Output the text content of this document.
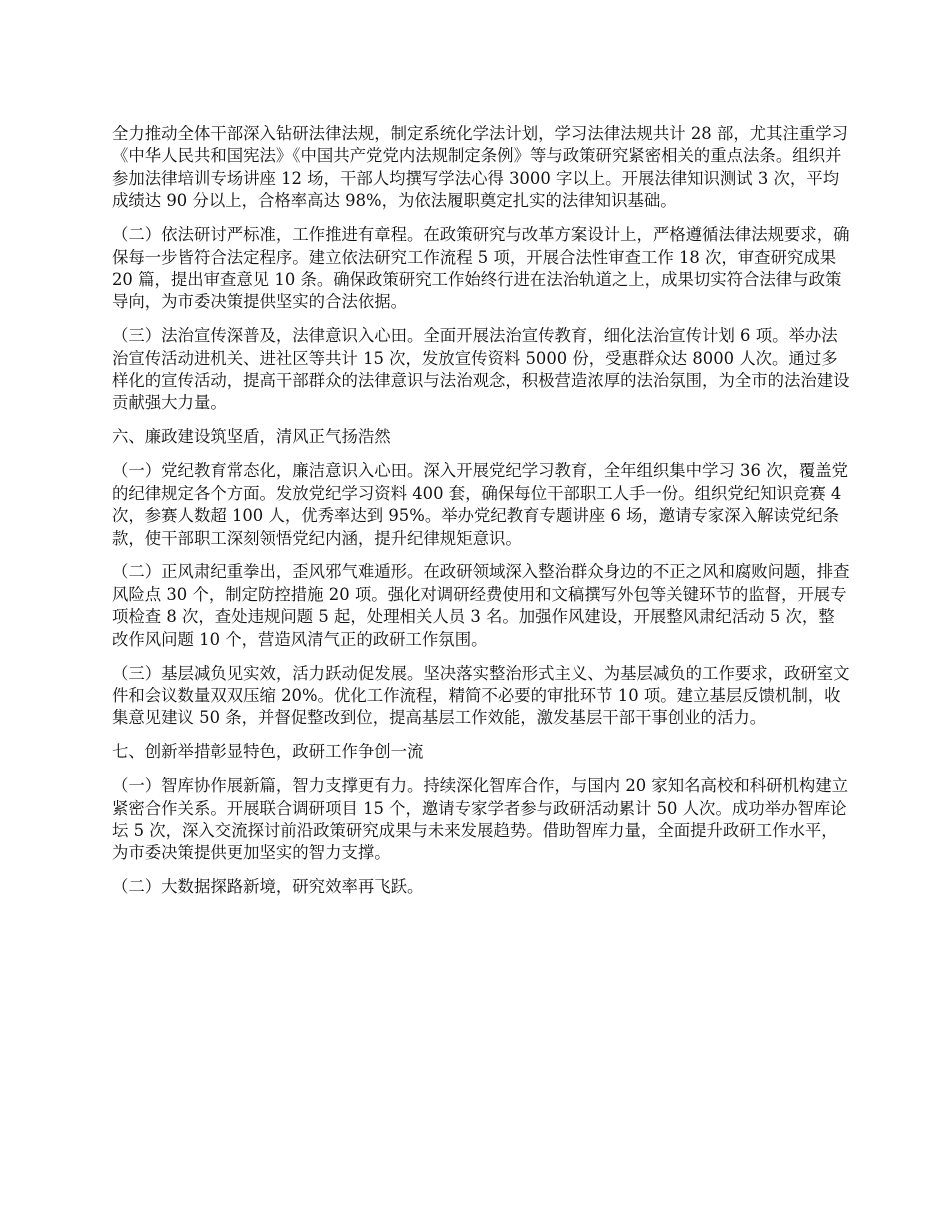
全力推动全体干部深入钻研法律法规，制定系统化学法计划，学习法律法规共计 28 部，尤其注重学习《中华人民共和国宪法》《中国共产党党内法规制定条例》等与政策研究紧密相关的重点法条。组织并参加法律培训专场讲座 12 场，干部人均撰写学法心得 3000 字以上。开展法律知识测试 3 次，平均成绩达 90 分以上，合格率高达 98%，为依法履职奠定扎实的法律知识基础。

（二）依法研讨严标准，工作推进有章程。在政策研究与改革方案设计上，严格遵循法律法规要求，确保每一步皆符合法定程序。建立依法研究工作流程 5 项，开展合法性审查工作 18 次，审查研究成果 20 篇，提出审查意见 10 条。确保政策研究工作始终行进在法治轨道之上，成果切实符合法律与政策导向，为市委决策提供坚实的合法依据。

（三）法治宣传深普及，法律意识入心田。全面开展法治宣传教育，细化法治宣传计划 6 项。举办法治宣传活动进机关、进社区等共计 15 次，发放宣传资料 5000 份，受惠群众达 8000 人次。通过多样化的宣传活动，提高干部群众的法律意识与法治观念，积极营造浓厚的法治氛围，为全市的法治建设贡献强大力量。

六、廉政建设筑坚盾，清风正气扬浩然

（一）党纪教育常态化，廉洁意识入心田。深入开展党纪学习教育，全年组织集中学习 36 次，覆盖党的纪律规定各个方面。发放党纪学习资料 400 套，确保每位干部职工人手一份。组织党纪知识竞赛 4 次，参赛人数超 100 人，优秀率达到 95%。举办党纪教育专题讲座 6 场，邀请专家深入解读党纪条款，使干部职工深刻领悟党纪内涵，提升纪律规矩意识。

（二）正风肃纪重拳出，歪风邪气难遁形。在政研领域深入整治群众身边的不正之风和腐败问题，排查风险点 30 个，制定防控措施 20 项。强化对调研经费使用和文稿撰写外包等关键环节的监督，开展专项检查 8 次，查处违规问题 5 起，处理相关人员 3 名。加强作风建设，开展整风肃纪活动 5 次，整改作风问题 10 个，营造风清气正的政研工作氛围。

（三）基层减负见实效，活力跃动促发展。坚决落实整治形式主义、为基层减负的工作要求，政研室文件和会议数量双双压缩 20%。优化工作流程，精简不必要的审批环节 10 项。建立基层反馈机制，收集意见建议 50 条，并督促整改到位，提高基层工作效能，激发基层干部干事创业的活力。

七、创新举措彰显特色，政研工作争创一流

（一）智库协作展新篇，智力支撑更有力。持续深化智库合作，与国内 20 家知名高校和科研机构建立紧密合作关系。开展联合调研项目 15 个，邀请专家学者参与政研活动累计 50 人次。成功举办智库论坛 5 次，深入交流探讨前沿政策研究成果与未来发展趋势。借助智库力量，全面提升政研工作水平，为市委决策提供更加坚实的智力支撑。

（二）大数据探路新境，研究效率再飞跃。
